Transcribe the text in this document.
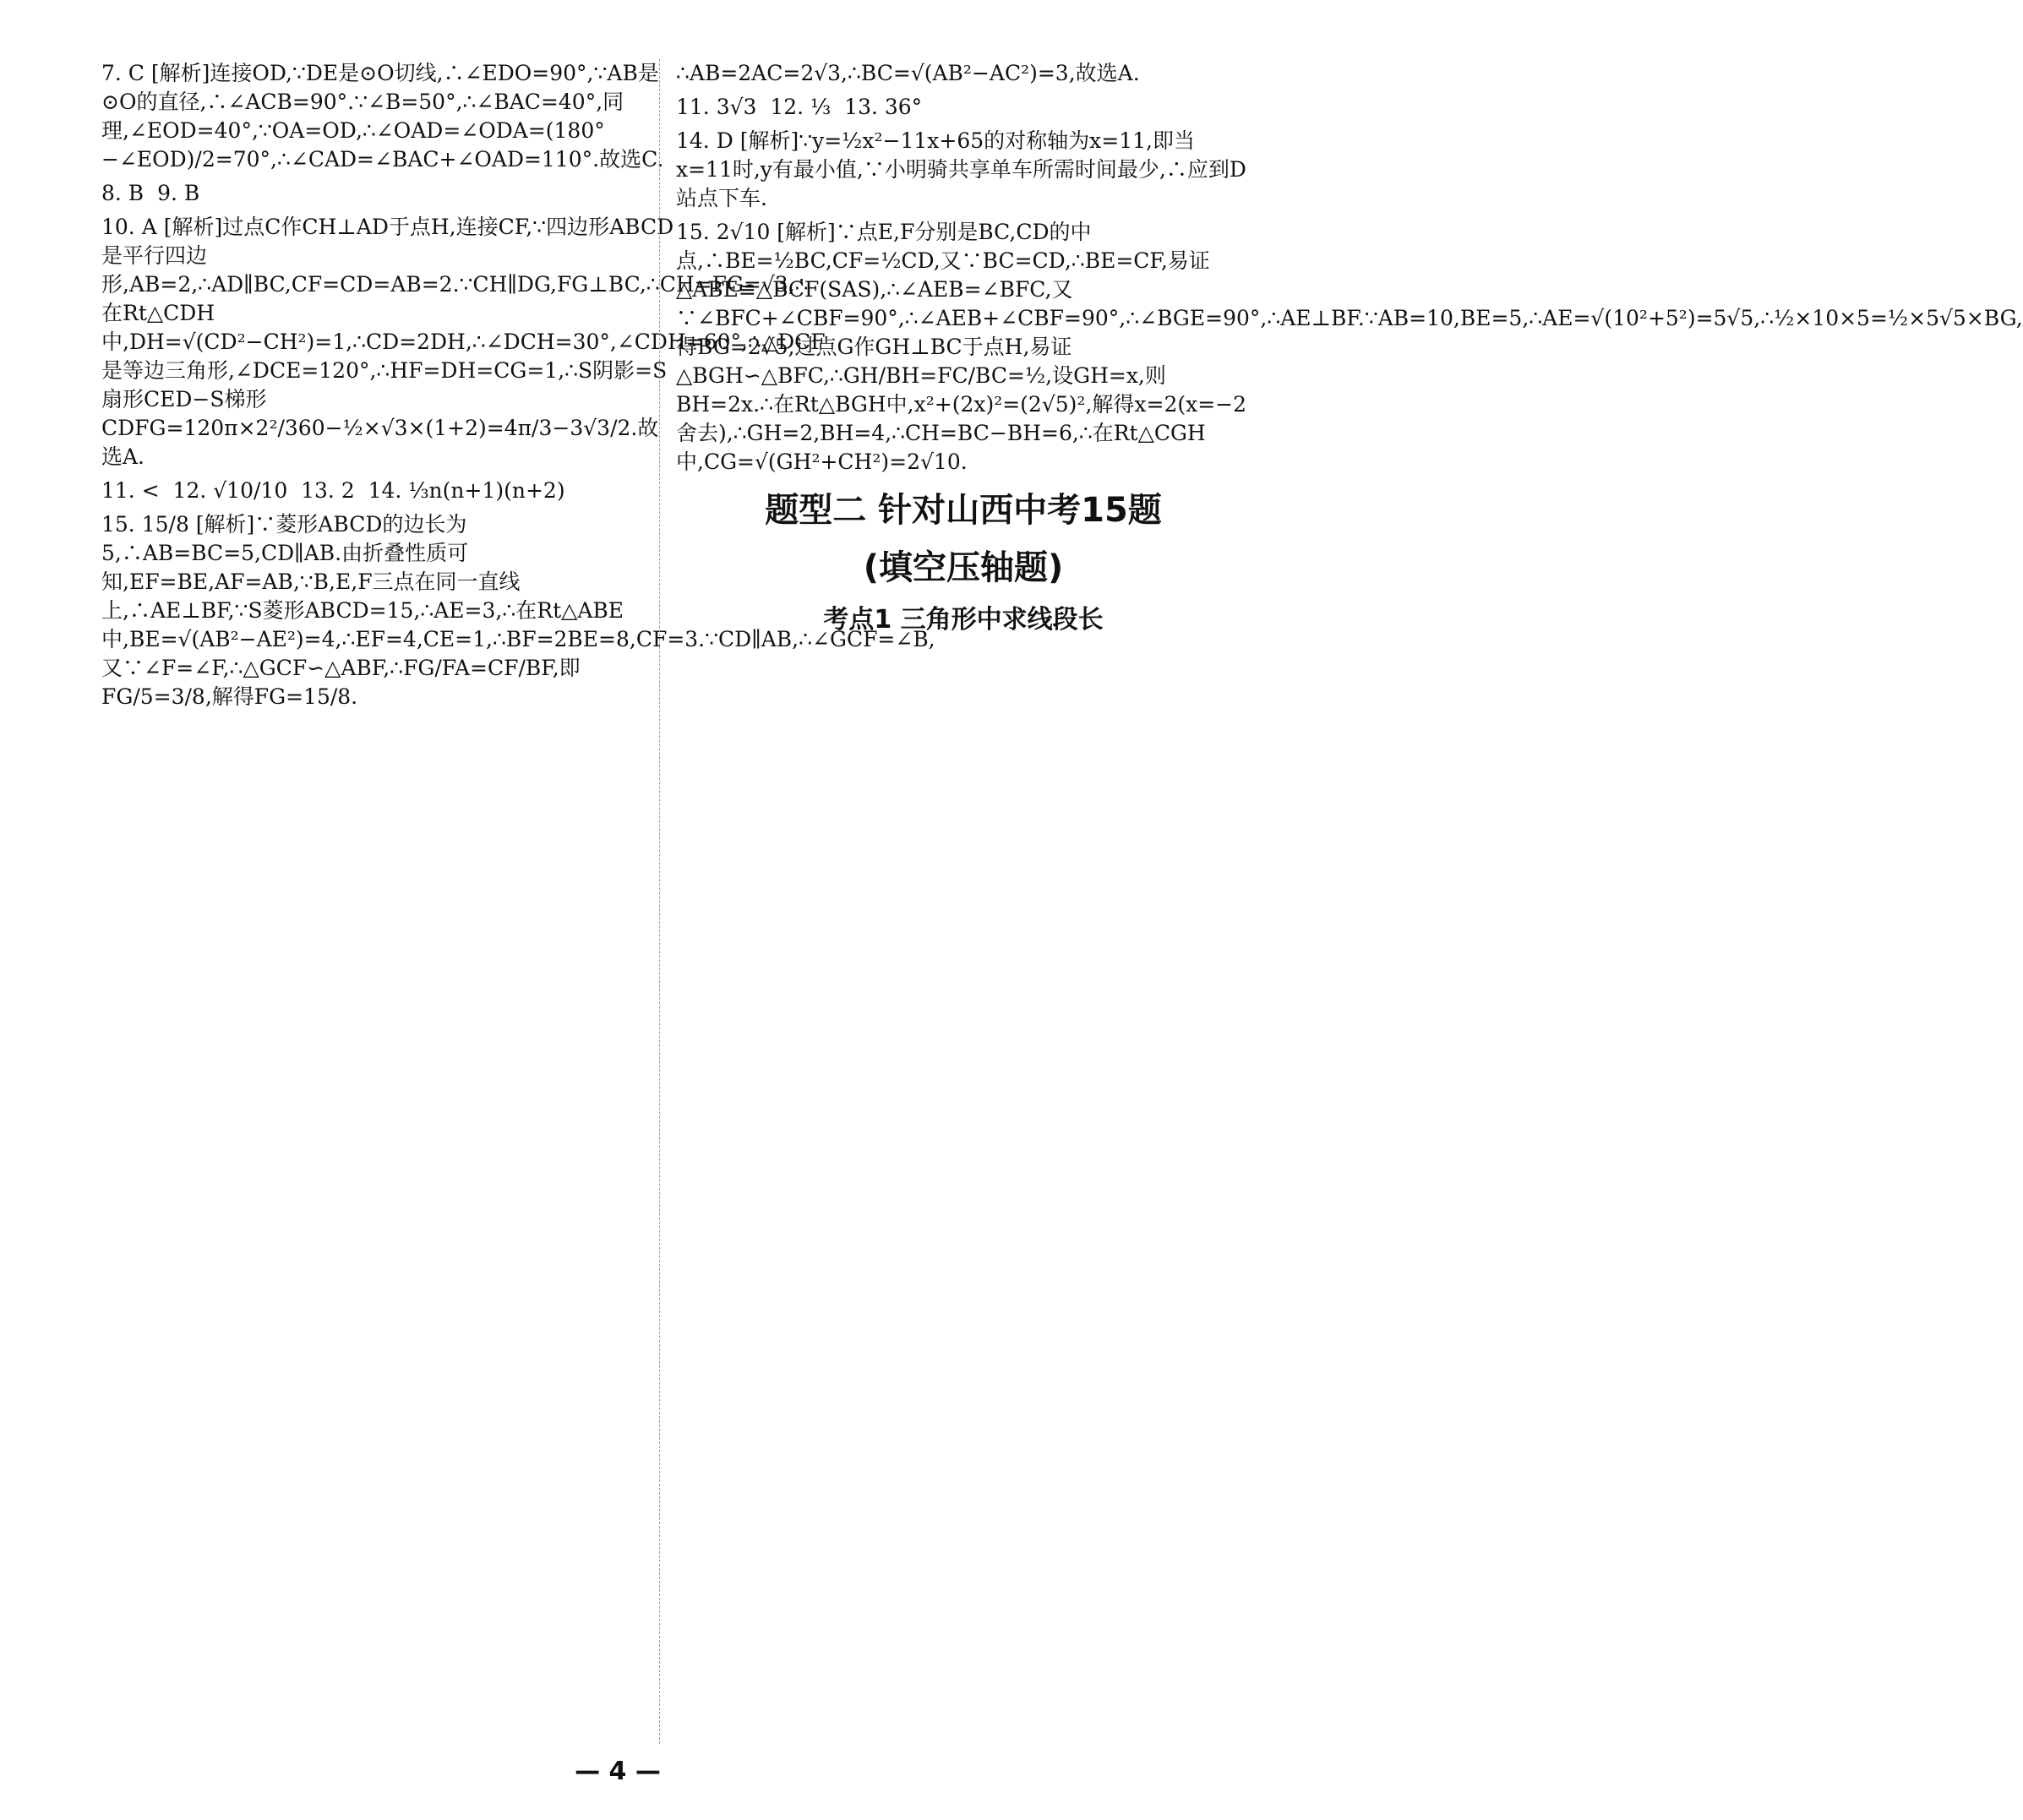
7. C [解析]连接OD,∵DE是⊙O切线,∴∠EDO=90°,∵AB是⊙O的直径,∴∠ACB=90°.∵∠B=50°,∴∠BAC=40°,同理,∠EOD=40°,∵OA=OD,∴∠OAD=∠ODA=(180°−∠EOD)/2=70°,∴∠CAD=∠BAC+∠OAD=110°.故选C.
8. B  9. B
10. A [解析]过点C作CH⊥AD于点H,连接CF,∵四边形ABCD是平行四边形,AB=2,∴AD∥BC,CF=CD=AB=2.∵CH∥DG,FG⊥BC,∴CH=FG=√3,∴在Rt△CDH中,DH=√(CD²−CH²)=1,∴CD=2DH,∴∠DCH=30°,∠CDH=60°,∴△DCF是等边三角形,∠DCE=120°,∴HF=DH=CG=1,∴S阴影=S扇形CED−S梯形CDFG=120π×2²/360−½×√3×(1+2)=4π/3−3√3/2.故选A.
11. <  12. √10/10  13. 2  14. ⅓n(n+1)(n+2)
15. 15/8 [解析]∵菱形ABCD的边长为5,∴AB=BC=5,CD∥AB.由折叠性质可知,EF=BE,AF=AB,∵B,E,F三点在同一直线上,∴AE⊥BF,∵S菱形ABCD=15,∴AE=3,∴在Rt△ABE中,BE=√(AB²−AE²)=4,∴EF=4,CE=1,∴BF=2BE=8,CF=3.∵CD∥AB,∴∠GCF=∠B,又∵∠F=∠F,∴△GCF∽△ABF,∴FG/FA=CF/BF,即FG/5=3/8,解得FG=15/8.
∴AB=2AC=2√3,∴BC=√(AB²−AC²)=3,故选A.
11. 3√3  12. ⅓  13. 36°
14. D [解析]∵y=½x²−11x+65的对称轴为x=11,即当x=11时,y有最小值,∵小明骑共享单车所需时间最少,∴应到D站点下车.
15. 2√10 [解析]∵点E,F分别是BC,CD的中点,∴BE=½BC,CF=½CD,又∵BC=CD,∴BE=CF,易证△ABE≌△BCF(SAS),∴∠AEB=∠BFC,又∵∠BFC+∠CBF=90°,∴∠AEB+∠CBF=90°,∴∠BGE=90°,∴AE⊥BF.∵AB=10,BE=5,∴AE=√(10²+5²)=5√5,∴½×10×5=½×5√5×BG,得BG=2√5,过点G作GH⊥BC于点H,易证△BGH∽△BFC,∴GH/BH=FC/BC=½,设GH=x,则BH=2x.∴在Rt△BGH中,x²+(2x)²=(2√5)²,解得x=2(x=−2舍去),∴GH=2,BH=4,∴CH=BC−BH=6,∴在Rt△CGH中,CG=√(GH²+CH²)=2√10.
题型二 针对山西中考15题
(填空压轴题)
考点1 三角形中求线段长
— 4 —
